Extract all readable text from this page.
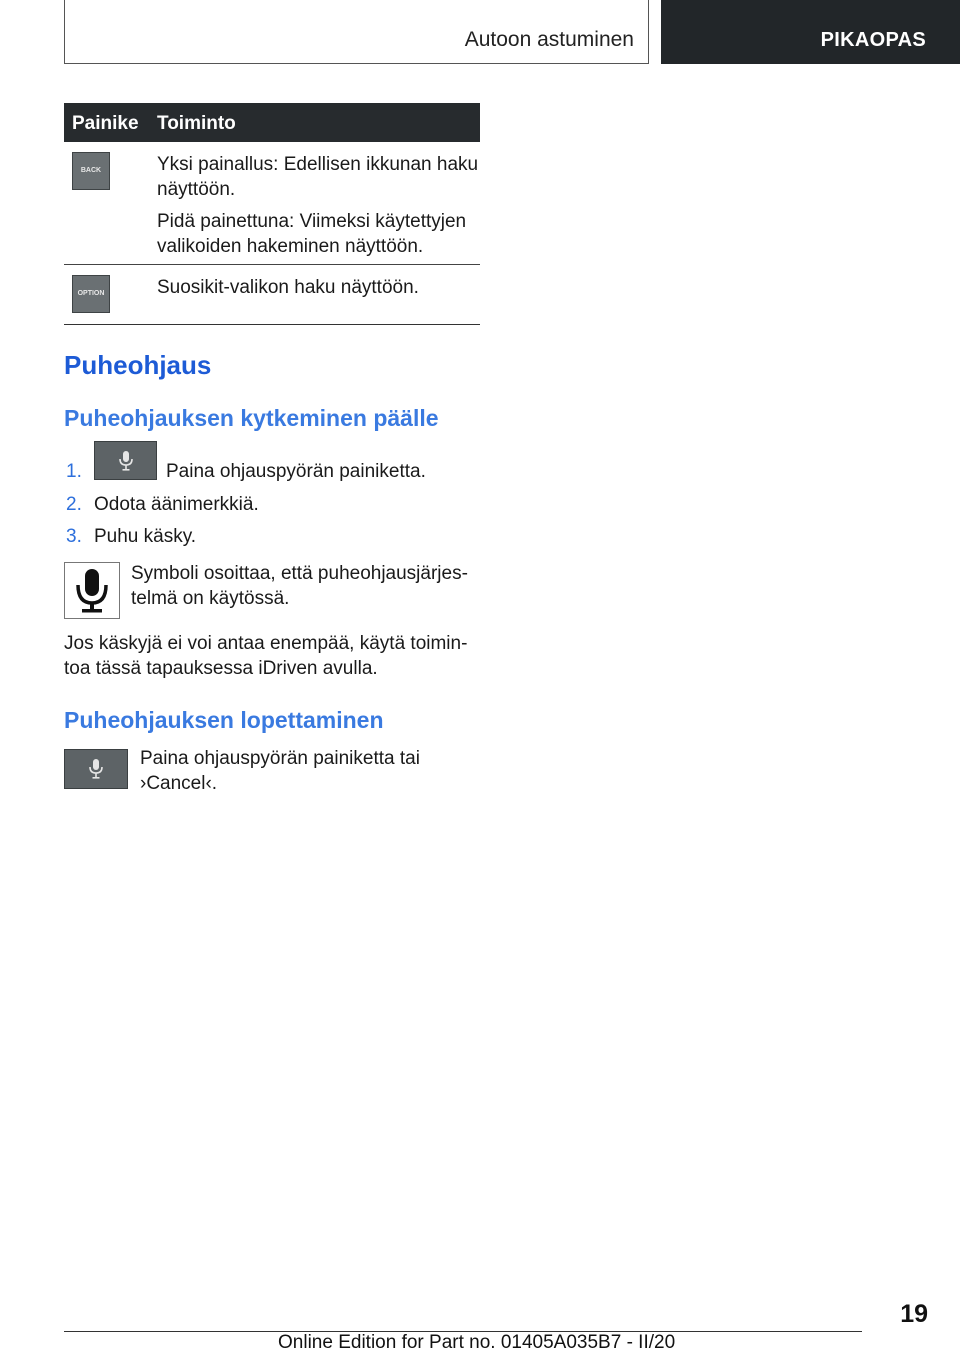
Autoon astuminen	PIKAOPAS
Painike Toiminto
BACK	Yksi painallus: Edellisen ikkunan haku näyttöön.
Pidä painettuna: Viimeksi käytettyjen valikoiden hakeminen näyttöön.
OPTION	Suosikit-valikon haku näyttöön.
Puheohjaus
Puheohjauksen kytkeminen päälle
1.	Paina ohjauspyörän painiketta.
2. Odota äänimerkkiä.
3. Puhu käsky.
Symboli osoittaa, että puheohjausjärjestelmä on käytössä.
Jos käskyjä ei voi antaa enempää, käytä toimintoa tässä tapauksessa iDriven avulla.
Puheohjauksen lopettaminen
Paina ohjauspyörän painiketta tai ›Cancel‹.
19
Online Edition for Part no. 01405A035B7 - II/20
